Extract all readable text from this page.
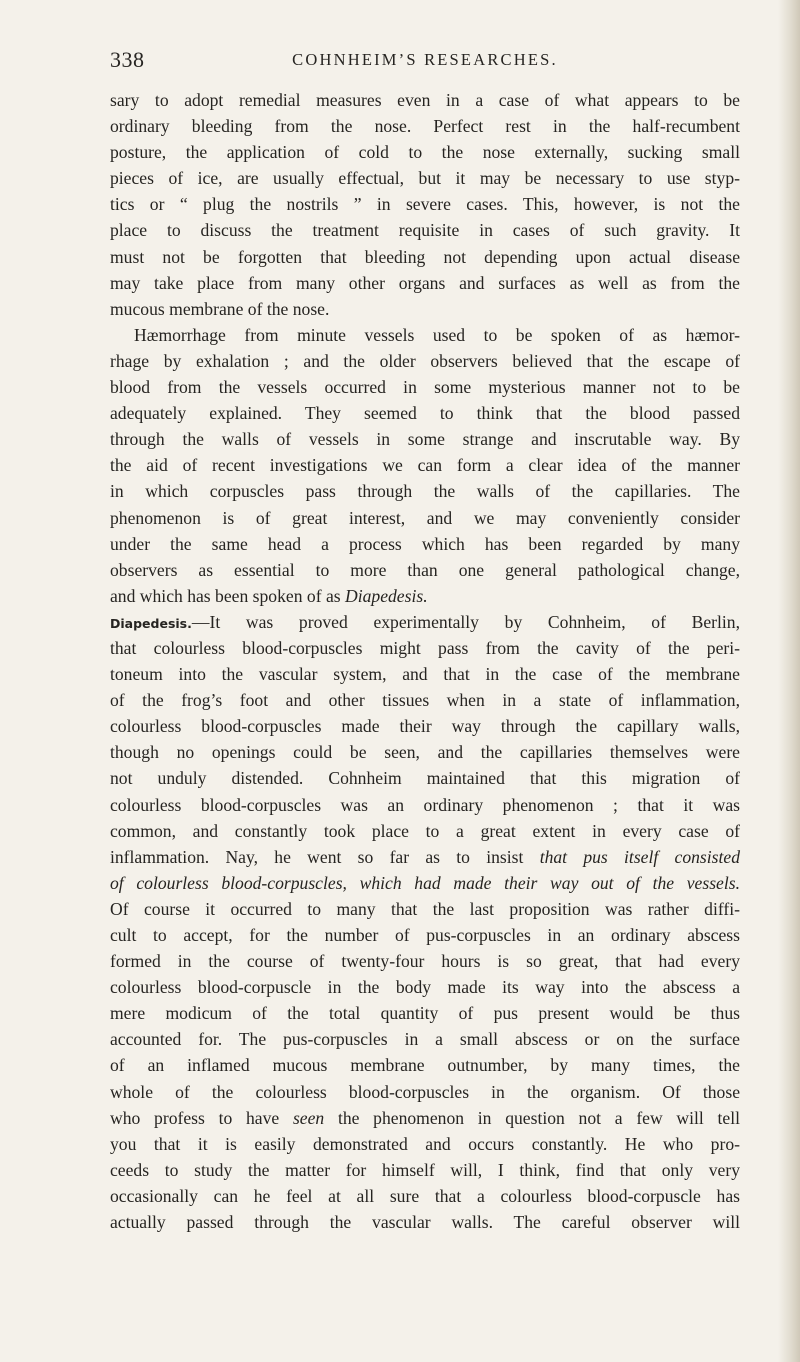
338	COHNHEIM’S RESEARCHES.
sary to adopt remedial measures even in a case of what appears to be
ordinary bleeding from the nose. Perfect rest in the half-recumbent
posture, the application of cold to the nose externally, sucking small
pieces of ice, are usually effectual, but it may be necessary to use styp-
tics or “ plug the nostrils ” in severe cases. This, however, is not the
place to discuss the treatment requisite in cases of such gravity. It
must not be forgotten that bleeding not depending upon actual disease
may take place from many other organs and surfaces as well as from the
mucous membrane of the nose.
Hæmorrhage from minute vessels used to be spoken of as hæmor-
rhage by exhalation ; and the older observers believed that the escape of
blood from the vessels occurred in some mysterious manner not to be
adequately explained. They seemed to think that the blood passed
through the walls of vessels in some strange and inscrutable way. By
the aid of recent investigations we can form a clear idea of the manner
in which corpuscles pass through the walls of the capillaries. The
phenomenon is of great interest, and we may conveniently consider
under the same head a process which has been regarded by many
observers as essential to more than one general pathological change,
and which has been spoken of as Diapedesis.
Diapedesis.—It was proved experimentally by Cohnheim, of Berlin,
that colourless blood-corpuscles might pass from the cavity of the peri-
toneum into the vascular system, and that in the case of the membrane
of the frog’s foot and other tissues when in a state of inflammation,
colourless blood-corpuscles made their way through the capillary walls,
though no openings could be seen, and the capillaries themselves were
not unduly distended. Cohnheim maintained that this migration of
colourless blood-corpuscles was an ordinary phenomenon ; that it was
common, and constantly took place to a great extent in every case of
inflammation. Nay, he went so far as to insist that pus itself consisted
of colourless blood-corpuscles, which had made their way out of the vessels.
Of course it occurred to many that the last proposition was rather diffi-
cult to accept, for the number of pus-corpuscles in an ordinary abscess
formed in the course of twenty-four hours is so great, that had every
colourless blood-corpuscle in the body made its way into the abscess a
mere modicum of the total quantity of pus present would be thus
accounted for. The pus-corpuscles in a small abscess or on the surface
of an inflamed mucous membrane outnumber, by many times, the
whole of the colourless blood-corpuscles in the organism. Of those
who profess to have seen the phenomenon in question not a few will tell
you that it is easily demonstrated and occurs constantly. He who pro-
ceeds to study the matter for himself will, I think, find that only very
occasionally can he feel at all sure that a colourless blood-corpuscle has
actually passed through the vascular walls. The careful observer will
